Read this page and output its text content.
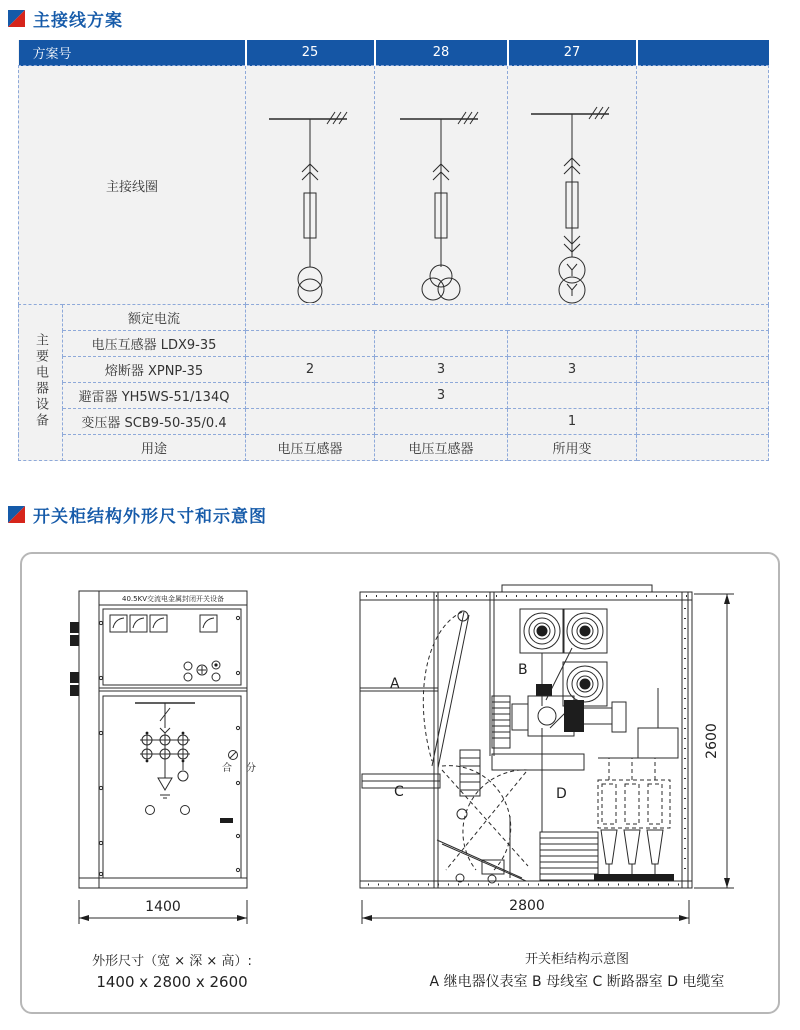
主接线方案
方案号		25	28	27	
主接线圈	

主要电器设备	额定电流				
	电压互感器 LDX9-35				
	熔断器 XPNP-35	2	3	3	
	避雷器 YH5WS-51/134Q		3		
	变压器 SCB9-50-35/0.4			1	
	用途	电压互感器	电压互感器	所用变	
开关柜结构外形尺寸和示意图
40.5KV交流电金属封闭开关设备
合 分
1400
A
B
C	D
2800
2600
外形尺寸（宽 × 深 × 高）:
1400 x 2800 x 2600
开关柜结构示意图
A 继电器仪表室 B 母线室 C 断路器室 D 电缆室
